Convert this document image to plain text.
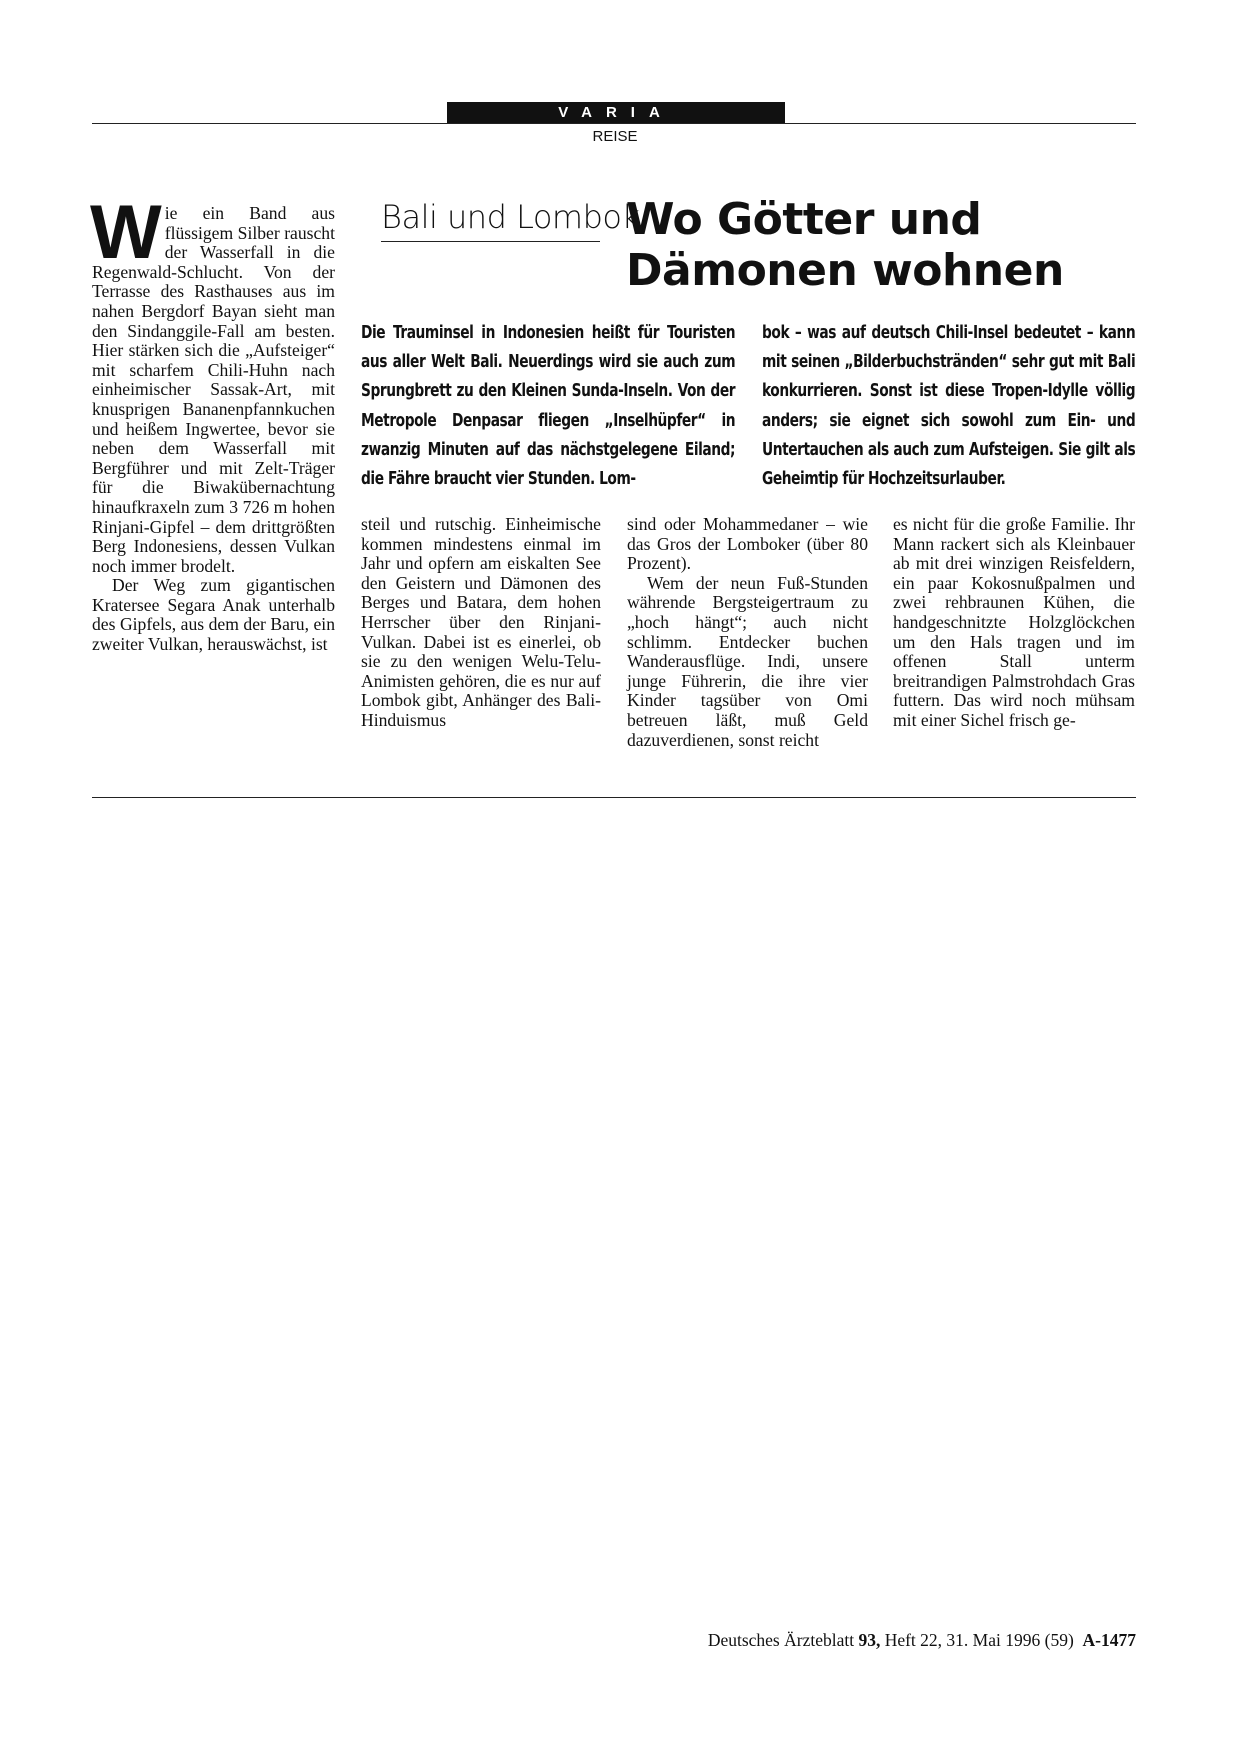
VARIA
REISE

Wie ein Band aus flüssigem Silber rauscht der Wasserfall in die Regenwald-Schlucht. Von der Terrasse des Rasthauses aus im nahen Bergdorf Bayan sieht man den Sindanggile-Fall am besten. Hier stärken sich die „Aufsteiger“ mit scharfem Chili-Huhn nach einheimischer Sassak-Art, mit knusprigen Bananenpfannkuchen und heißem Ingwertee, bevor sie neben dem Wasserfall mit Bergführer und mit Zelt-Träger für die Biwakübernachtung hinaufkraxeln zum 3 726 m hohen Rinjani-Gipfel – dem drittgrößten Berg Indonesiens, dessen Vulkan noch immer brodelt.

Der Weg zum gigantischen Kratersee Segara Anak unterhalb des Gipfels, aus dem der Baru, ein zweiter Vulkan, herauswächst, ist

Bali und Lombok
Wo Götter und
Dämonen wohnen

Die Trauminsel in Indonesien heißt für Touristen aus aller Welt Bali. Neuerdings wird sie auch zum Sprungbrett zu den Kleinen Sunda-Inseln. Von der Metropole Denpasar fliegen „Inselhüpfer“ in zwanzig Minuten auf das nächstgelegene Eiland; die Fähre braucht vier Stunden. Lom-

bok – was auf deutsch Chili-Insel bedeutet – kann mit seinen „Bilderbuchstränden“ sehr gut mit Bali konkurrieren. Sonst ist diese Tropen-Idylle völlig anders; sie eignet sich sowohl zum Ein- und Untertauchen als auch zum Aufsteigen. Sie gilt als Geheimtip für Hochzeitsurlauber.

steil und rutschig. Einheimische kommen mindestens einmal im Jahr und opfern am eiskalten See den Geistern und Dämonen des Berges und Batara, dem hohen Herrscher über den Rinjani-Vulkan. Dabei ist es einerlei, ob sie zu den wenigen Welu-Telu-Animisten gehören, die es nur auf Lombok gibt, Anhänger des Bali-Hinduismus

sind oder Mohammedaner – wie das Gros der Lomboker (über 80 Prozent).

Wem der neun Fuß-Stunden währende Bergsteigertraum zu „hoch hängt“; auch nicht schlimm. Entdecker buchen Wanderausflüge. Indi, unsere junge Führerin, die ihre vier Kinder tagsüber von Omi betreuen läßt, muß Geld dazuverdienen, sonst reicht

es nicht für die große Familie. Ihr Mann rackert sich als Kleinbauer ab mit drei winzigen Reisfeldern, ein paar Kokosnußpalmen und zwei rehbraunen Kühen, die handgeschnitzte Holzglöckchen um den Hals tragen und im offenen Stall unterm breitrandigen Palmstrohdach Gras futtern. Das wird noch mühsam mit einer Sichel frisch ge-

Deutsches Ärzteblatt 93, Heft 22, 31. Mai 1996 (59) A-1477
